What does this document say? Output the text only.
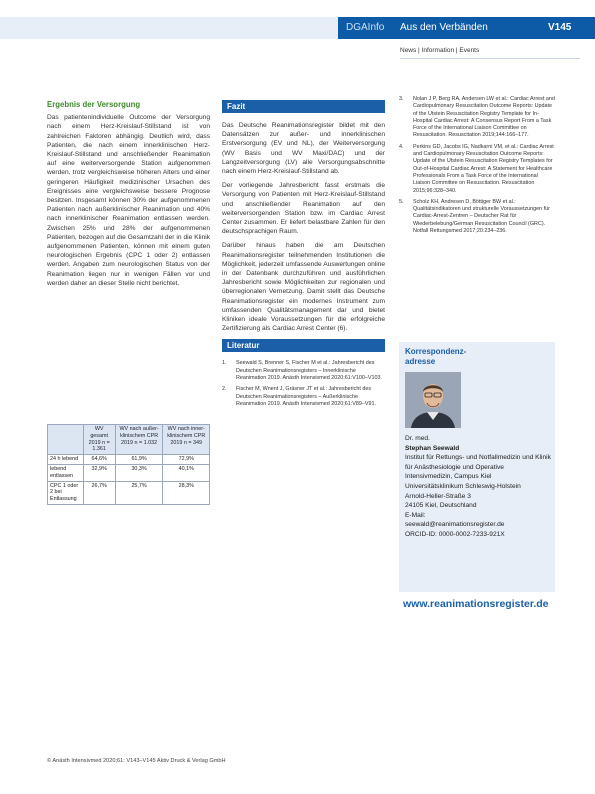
DGAInfo Aus den Verbänden	V145
News | Information | Events
Ergebnis der Versorgung
Das patientenindividuelle Outcome der Versorgung nach einem Herz-Kreislauf-Stillstand ist von zahlreichen Faktoren abhängig. Deutlich wird, dass Patienten, die nach einem innerklinischen Herz-Kreislauf-Stillstand und anschließender Reanimation auf eine weiterversorgende Station aufgenommen werden, trotz vergleichsweise höheren Alters und einer geringeren Häufigkeit medizinischer Ursachen des Ereignisses eine vergleichsweise bessere Prognose besitzen. Insgesamt können 30% der aufgenommenen Patienten nach außerklinischer Reanimation und 40% nach innerklinischer Reanimation entlassen werden. Zwischen 25% und 28% der aufgenommenen Patienten, bezogen auf die Gesamtzahl der in die Klinik aufgenommenen Patienten, können mit einem guten neurologischen Ergebnis (CPC 1 oder 2) entlassen werden. Angaben zum neurologischen Status von der Reanimation liegen nur in wenigen Fällen vor und werden daher an dieser Stelle nicht berichtet.
	WV gesamt 2019 n = 1.361	WV nach außer-klinischem CPR 2019 n = 1.032	WV nach inner-klinischem CPR 2019 n = 349
24 h lebend	64,6%	61,9%	72,9%
lebend entlassen	32,9%	30,3%	40,1%
CPC 1 oder 2 bei Entlassung	26,7%	25,7%	28,3%
Fazit
Das Deutsche Reanimationsregister bildet mit den Datensätzen zur außer- und innerklinischen Erstversorgung (EV und NL), der Weiterversorgung (WV Basis und WV Maxi/DAC) und der Langzeitversorgung (LV) alle Versorgungsabschnitte nach einem Herz-Kreislauf-Stillstand ab.
Der vorliegende Jahresbericht fasst erstmals die Versorgung von Patienten mit Herz-Kreislauf-Stillstand und anschließender Reanimation auf den weiterversorgenden Station bzw. im Cardiac Arrest Center zusammen. Er liefert belastbare Zahlen für den deutschsprachigen Raum.
Darüber hinaus haben die am Deutschen Reanimationsregister teilnehmenden Institutionen die Möglichkeit, jederzeit umfassende Auswertungen online in der Datenbank durchzuführen und ausführlichen Jahresbericht sowie Möglichkeiten zur regionalen und überregionalen Vernetzung. Damit stellt das Deutsche Reanimationsregister ein modernes Instrument zum umfassenden Qualitätsmanagement dar und bietet Kliniken ideale Voraussetzungen für die erfolgreiche Zertifizierung als Cardiac Arrest Center (6).
Literatur
1. Seewald S, Brenner S, Fischer M et al.: Jahresbericht des Deutschen Reanimationsregisters – Innerklinische Reanimation 2019. Anästh Intensivmed 2020;61:V100–V103.
2. Fischer M, Wnent J, Gräsner JT et al.: Jahresbericht des Deutschen Reanimationsregisters – Außerklinische Reanimation 2019. Anästh Intensivmed 2020;61:V89–V91.
3. Nolan J P, Berg RA, Andersen LW et al.: Cardiac Arrest and Cardiopulmonary Resuscitation Outcome Reports: Update of the Utstein Resuscitation Registry Template for In-Hospital Cardiac Arrest: A Consensus Report From a Task Force of the International Liaison Committee on Resuscitation. Resuscitation 2019;144:166–177.
4. Perkins GD, Jacobs IG, Nadkarni VM, et al.: Cardiac Arrest and Cardiopulmonary Resuscitation Outcome Reports: Update of the Utstein Resuscitation Registry Templates for Out-of-Hospital Cardiac Arrest: A Statement for Healthcare Professionals From a Task Force of the International Liaison Committee on Resuscitation. Resuscitation 2015;96:328–340.
5. Scholz KH, Andresen D, Böttiger BW et al.: Qualitätsindikatoren und strukturelle Voraussetzungen für Cardiac-Arrest-Zentren – Deutscher Rat für Wiederbelebung/German Resuscitation Council (GRC). Notfall Rettungsmed 2017;20:234–236.
Korrespondenz-adresse
Dr. med.
Stephan Seewald
Institut für Rettungs- und Notfallmedizin und Klinik für Anästhesiologie und Operative Intensivmedizin, Campus Kiel
Universitätsklinikum Schleswig-Holstein
Arnold-Heller-Straße 3
24105 Kiel, Deutschland
E-Mail:
seewald@reanimationsregister.de
ORCID-ID: 0000-0002-7233-921X
www.reanimationsregister.de
© Anästh Intensivmed 2020;61: V143–V145 Aktiv Druck & Verlag GmbH
